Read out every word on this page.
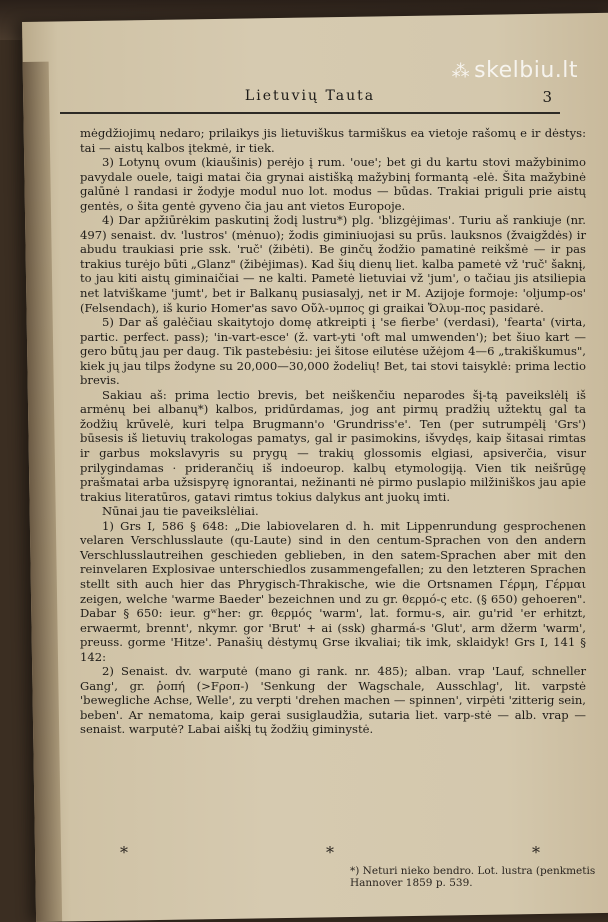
⁂ skelbiu.lt
Lietuvių Tauta	3

mėgdžiojimų nedaro; prilaikys jis lietuviškus tarmiškus ea vietoje rašomų e ir dėstys: tai — aistų kalbos įtekmė, ir tiek.

3) Lotynų ovum (kiaušinis) perėjo į rum. 'oue'; bet gi du kartu stovi mažybinimo pavydale ouele, taigi matai čia grynai aistišką mažybinį formantą -elė. Šita mažybinė galūnė l randasi ir žodyje modul nuo lot. modus — būdas. Trakiai priguli prie aistų gentės, o šita gentė gyveno čia jau ant vietos Europoje.

4) Dar apžiūrėkim paskutinį žodį lustru*) plg. 'blizgėjimas'. Turiu aš rankiuje (nr. 497) senaist. dv. 'lustros' (mėnuo); žodis giminiuojasi su prūs. lauksnos (žvaigždės) ir abudu traukiasi prie ssk. 'ruč' (žibėti). Be ginčų žodžio pamatinė reikšmė — ir pas trakius turėjo būti „Glanz" (žibėjimas). Kad šių dienų liet. kalba pametė vž 'ruč' šaknį, to jau kiti aistų giminaičiai — ne kalti. Pametė lietuviai vž 'jum', o tačiau jis atsiliepia net latviškame 'jumt', bet ir Balkanų pusiasalyj, net ir M. Azijoje formoje: 'oljump-os' (Felsendach), iš kurio Homer'as savo Οὔλ-υμπος gi graikai Ὄλυμ-πος pasidarė.

5) Dar aš galėčiau skaitytojo domę atkreipti į 'se fierbe' (verdasi), 'fearta' (virta, partic. perfect. pass); 'in-vart-esce' (ž. vart-yti 'oft mal umwenden'); bet šiuo kart — gero būtų jau per daug. Tik pastebėsiu: jei šitose eilutėse užėjom 4—6 „trakiškumus", kiek jų jau tilps žodyne su 20,000—30,000 žodelių! Bet, tai stovi taisyklė: prima lectio brevis.

Sakiau aš: prima lectio brevis, bet neiškenčiu neparodes šį-tą paveikslėlį iš armėnų bei albanų*) kalbos, pridūrdamas, jog ant pirmų pradžių užtektų gal ta žodžių krūvelė, kuri telpa Brugmann'o 'Grundriss'e'. Ten (per sutrumpėlį 'Grs') būsesis iš lietuvių trakologas pamatys, gal ir pasimokins, išvydęs, kaip šitasai rimtas ir garbus mokslavyris su prygų — trakių glossomis elgiasi, apsiverčia, visur prilygindamas · priderančių iš indoeurop. kalbų etymologiją. Vien tik neišrūgę prašmatai arba užsispyrę ignorantai, nežinanti nė pirmo puslapio milžiniškos jau apie trakius literatūros, gatavi rimtus tokius dalykus ant juokų imti.

Nūnai jau tie paveikslėliai.

1) Grs I, 586 § 648: „Die labiovelaren d. h. mit Lippenrundung gesprochenen velaren Verschlusslaute (qu-Laute) sind in den centum-Sprachen von den andern Verschlusslautreihen geschieden geblieben, in den satem-Sprachen aber mit den reinvelaren Explosivae unterschiedlos zusammengefallen; zu den letzteren Sprachen stellt sith auch hier das Phrygisch-Thrakische, wie die Ortsnamen Γέρμη, Γέρμαι zeigen, welche 'warme Baeder' bezeichnen und zu gr. θερμό-ς etc. (§ 650) gehoeren". Dabar § 650: ieur. gʷher: gr. θερμός 'warm', lat. formu-s, air. gu'rid 'er erhitzt, erwaermt, brennt', nkymr. gor 'Brut' + ai (ssk) gharmá-s 'Glut', arm džerm 'warm', preuss. gorme 'Hitze'. Panašių dėstymų Grse ikvaliai; tik imk, sklaidyk! Grs I, 141 § 142:

2) Senaist. dv. warputė (mano gi rank. nr. 485); alban. vrap 'Lauf, schneller Gang', gr. ῥοπή (>Fροπ-) 'Senkung der Wagschale, Ausschlag', lit. varpstė 'bewegliche Achse, Welle', zu verpti 'drehen machen — spinnen', virpėti 'zitterig sein, beben'. Ar nematoma, kaip gerai susiglaudžia, sutaria liet. varp-stė — alb. vrap — senaist. warputė? Labai aiškį tų žodžių giminystė.

*	*	*
*) Neturi nieko bendro. Lot. lustra (penkmetis
Hannover 1859 p. 539.
